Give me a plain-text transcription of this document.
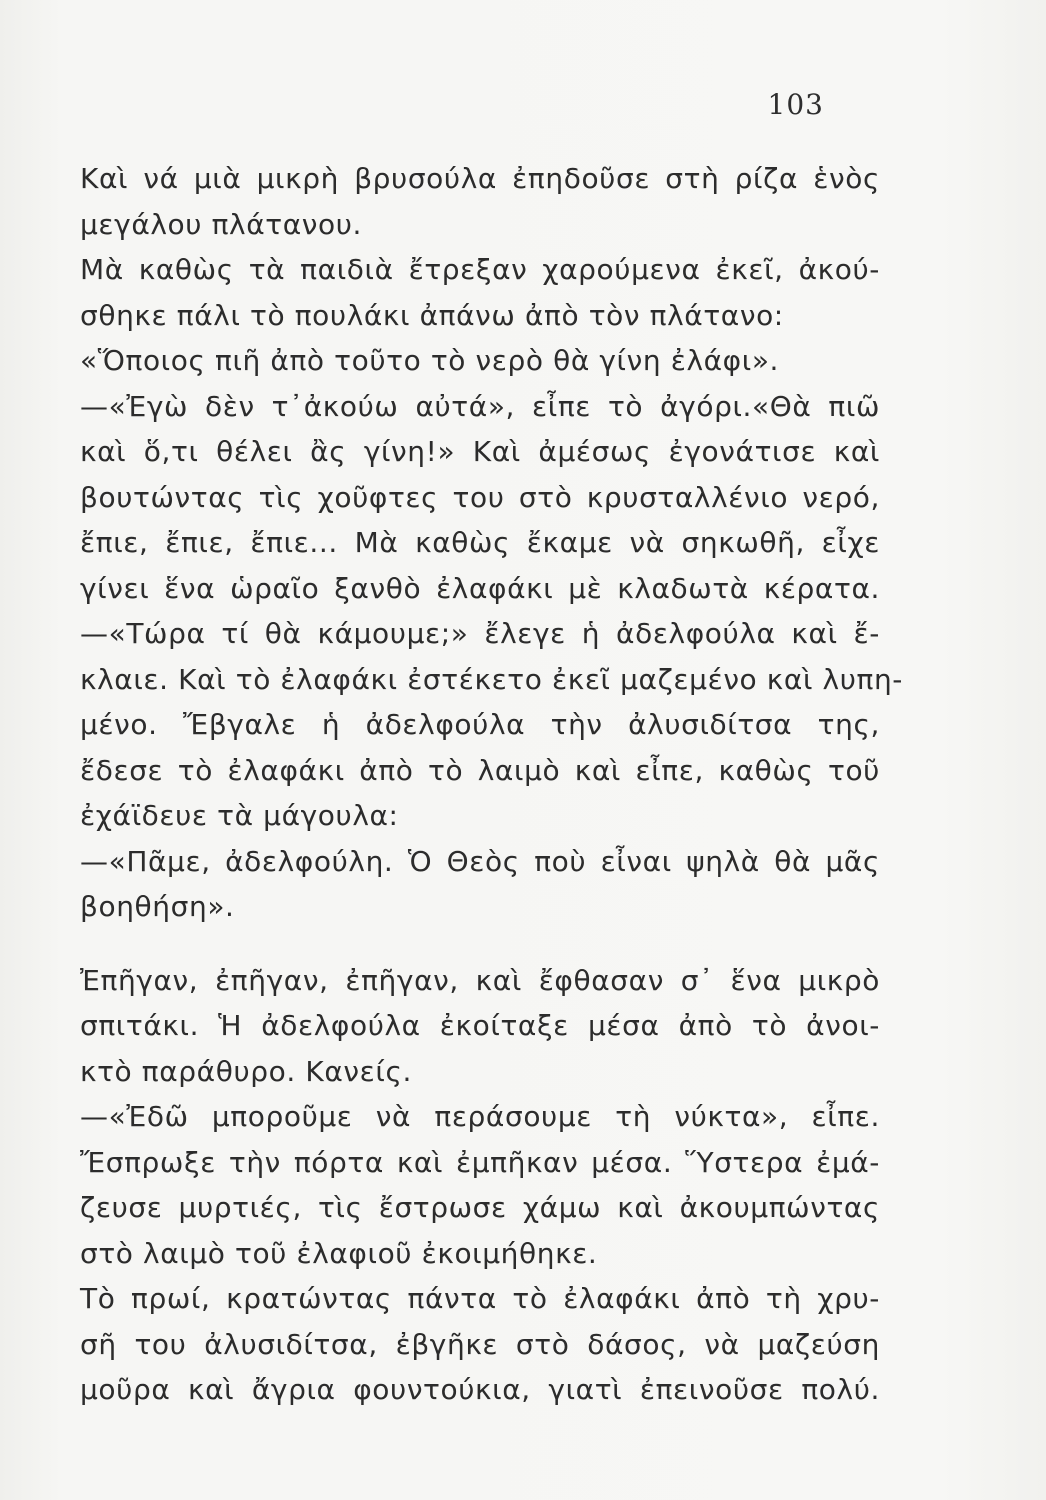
103
Καὶ νά μιὰ μικρὴ βρυσούλα ἐπηδοῦσε στὴ ρίζα ἑνὸς
μεγάλου πλάτανου.
Μὰ καθὼς τὰ παιδιὰ ἔτρεξαν χαρούμενα ἐκεῖ, ἀκού-
σθηκε πάλι τὸ πουλάκι ἀπάνω ἀπὸ τὸν πλάτανο:
«Ὅποιος πιῆ ἀπὸ τοῦτο τὸ νερὸ θὰ γίνη ἐλάφι».
—«Ἐγὼ δὲν τ᾿ἀκούω αὐτά», εἶπε τὸ ἀγόρι.«Θὰ πιῶ
καὶ ὅ,τι θέλει ἂς γίνη!» Καὶ ἀμέσως ἐγονάτισε καὶ
βουτώντας τὶς χοῦφτες του στὸ κρυσταλλένιο νερό,
ἔπιε, ἔπιε, ἔπιε... Μὰ καθὼς ἔκαμε νὰ σηκωθῆ, εἶχε
γίνει ἕνα ὡραῖο ξανθὸ ἐλαφάκι μὲ κλαδωτὰ κέρατα.
—«Τώρα τί θὰ κάμουμε;» ἔλεγε ἡ ἀδελφούλα καὶ ἔ-
κλαιε. Καὶ τὸ ἐλαφάκι ἐστέκετο ἐκεῖ μαζεμένο καὶ λυπη-
μένο. Ἔβγαλε ἡ ἀδελφούλα τὴν ἀλυσιδίτσα της,
ἔδεσε τὸ ἐλαφάκι ἀπὸ τὸ λαιμὸ καὶ εἶπε, καθὼς τοῦ
ἐχάϊδευε τὰ μάγουλα:
—«Πᾶμε, ἀδελφούλη. Ὁ Θεὸς ποὺ εἶναι ψηλὰ θὰ μᾶς
βοηθήση».
Ἐπῆγαν, ἐπῆγαν, ἐπῆγαν, καὶ ἔφθασαν σ᾿ ἕνα μικρὸ
σπιτάκι. Ἡ ἀδελφούλα ἐκοίταξε μέσα ἀπὸ τὸ ἀνοι-
κτὸ παράθυρο. Κανείς.
—«Ἐδῶ μποροῦμε νὰ περάσουμε τὴ νύκτα», εἶπε.
Ἔσπρωξε τὴν πόρτα καὶ ἐμπῆκαν μέσα. Ὕστερα ἐμά-
ζευσε μυρτιές, τὶς ἔστρωσε χάμω καὶ ἀκουμπώντας
στὸ λαιμὸ τοῦ ἐλαφιοῦ ἐκοιμήθηκε.
Τὸ πρωί, κρατώντας πάντα τὸ ἐλαφάκι ἀπὸ τὴ χρυ-
σῆ του ἀλυσιδίτσα, ἐβγῆκε στὸ δάσος, νὰ μαζεύση
μοῦρα καὶ ἄγρια φουντούκια, γιατὶ ἐπεινοῦσε πολύ.
